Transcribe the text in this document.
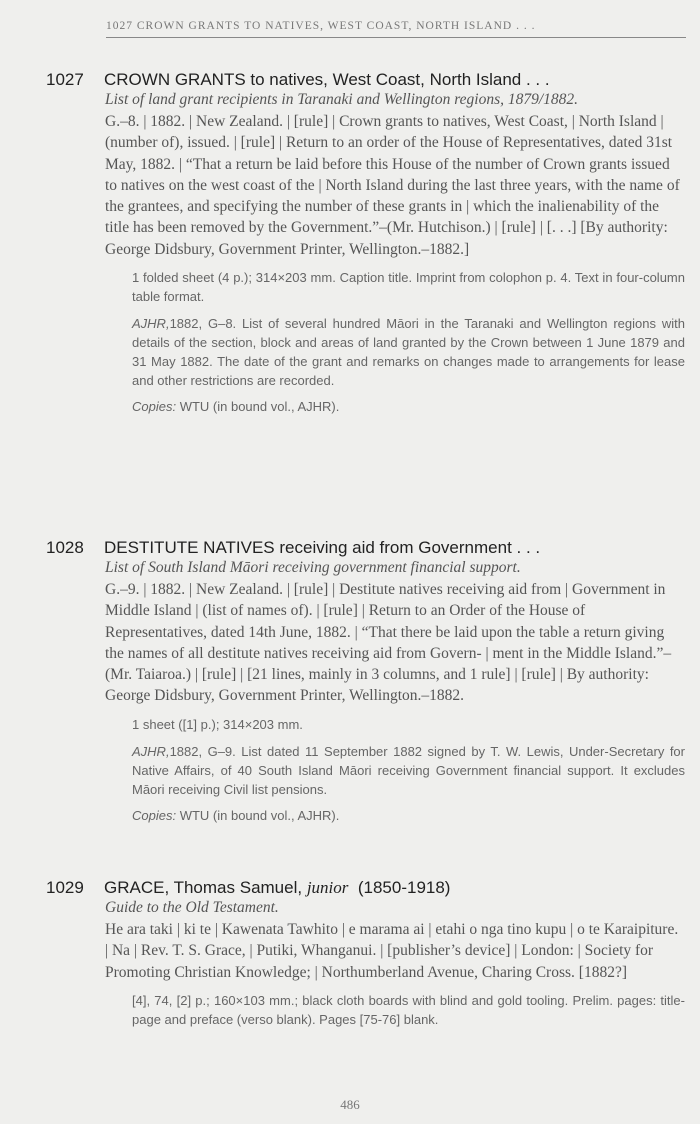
1027 CROWN GRANTS TO NATIVES, WEST COAST, NORTH ISLAND . . .
1027	CROWN GRANTS to natives, West Coast, North Island . . .
List of land grant recipients in Taranaki and Wellington regions, 1879/1882.
G.–8. | 1882. | New Zealand. | [rule] | Crown grants to natives, West Coast, | North Island | (number of), issued. | [rule] | Return to an order of the House of Representatives, dated 31st May, 1882. | “That a return be laid before this House of the number of Crown grants issued to natives on the west coast of the | North Island during the last three years, with the name of the grantees, and specifying the number of these grants in | which the inalienability of the title has been removed by the Government.”–(Mr. Hutchison.) | [rule] | [. . .] [By authority: George Didsbury, Government Printer, Wellington.–1882.]
1 folded sheet (4 p.); 314×203 mm. Caption title. Imprint from colophon p. 4. Text in four-column table format.
AJHR,1882, G–8. List of several hundred Māori in the Taranaki and Wellington regions with details of the section, block and areas of land granted by the Crown between 1 June 1879 and 31 May 1882. The date of the grant and remarks on changes made to arrangements for lease and other restrictions are recorded.
Copies: WTU (in bound vol., AJHR).
1028	DESTITUTE NATIVES receiving aid from Government . . .
List of South Island Māori receiving government financial support.
G.–9. | 1882. | New Zealand. | [rule] | Destitute natives receiving aid from | Government in Middle Island | (list of names of). | [rule] | Return to an Order of the House of Representatives, dated 14th June, 1882. | “That there be laid upon the table a return giving the names of all destitute natives receiving aid from Govern- | ment in the Middle Island.”–(Mr. Taiaroa.) | [rule] | [21 lines, mainly in 3 columns, and 1 rule] | [rule] | By authority: George Didsbury, Government Printer, Wellington.–1882.
1 sheet ([1] p.); 314×203 mm.
AJHR,1882, G–9. List dated 11 September 1882 signed by T. W. Lewis, Under-Secretary for Native Affairs, of 40 South Island Māori receiving Government financial support. It excludes Māori receiving Civil list pensions.
Copies: WTU (in bound vol., AJHR).
1029	GRACE, Thomas Samuel, junior (1850-1918)
Guide to the Old Testament.
He ara taki | ki te | Kawenata Tawhito | e marama ai | etahi o nga tino kupu | o te Karaipiture. | Na | Rev. T. S. Grace, | Putiki, Whanganui. | [publisher’s device] | London: | Society for Promoting Christian Knowledge; | Northumberland Avenue, Charing Cross. [1882?]
[4], 74, [2] p.; 160×103 mm.; black cloth boards with blind and gold tooling. Prelim. pages: title-page and preface (verso blank). Pages [75-76] blank.
486
